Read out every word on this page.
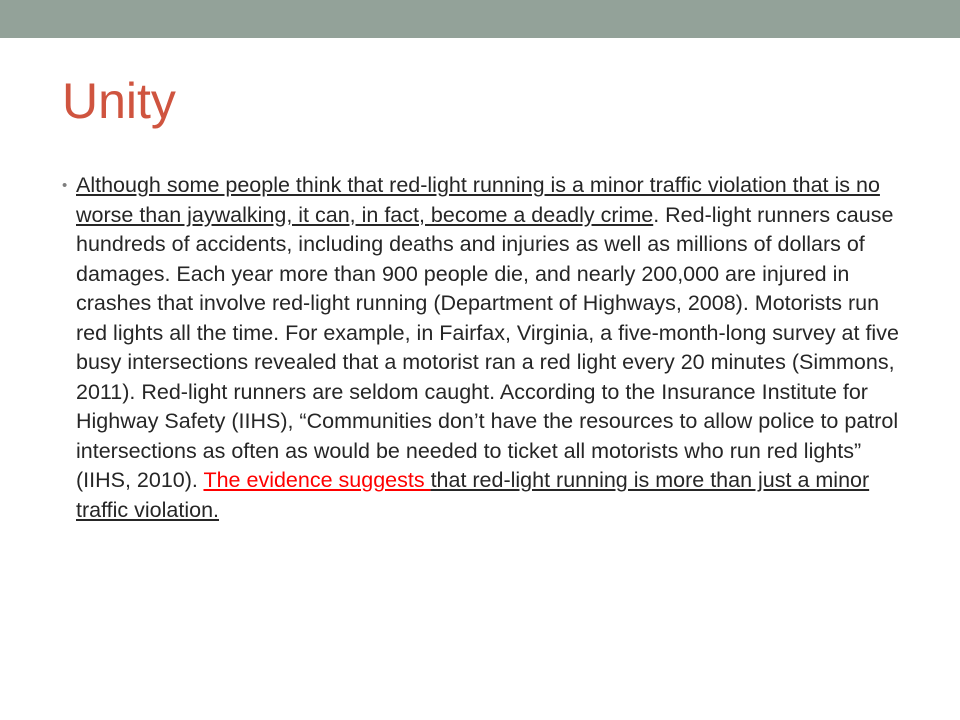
Unity
• Although some people think that red-light running is a minor traffic violation that is no worse than jaywalking, it can, in fact, become a deadly crime. Red-light runners cause hundreds of accidents, including deaths and injuries as well as millions of dollars of damages. Each year more than 900 people die, and nearly 200,000 are injured in crashes that involve red-light running (Department of Highways, 2008). Motorists run red lights all the time. For example, in Fairfax, Virginia, a five-month-long survey at five busy intersections revealed that a motorist ran a red light every 20 minutes (Simmons, 2011). Red-light runners are seldom caught. According to the Insurance Institute for Highway Safety (IIHS), “Communities don’t have the resources to allow police to patrol intersections as often as would be needed to ticket all motorists who run red lights” (IIHS, 2010). The evidence suggests that red-light running is more than just a minor traffic violation.
